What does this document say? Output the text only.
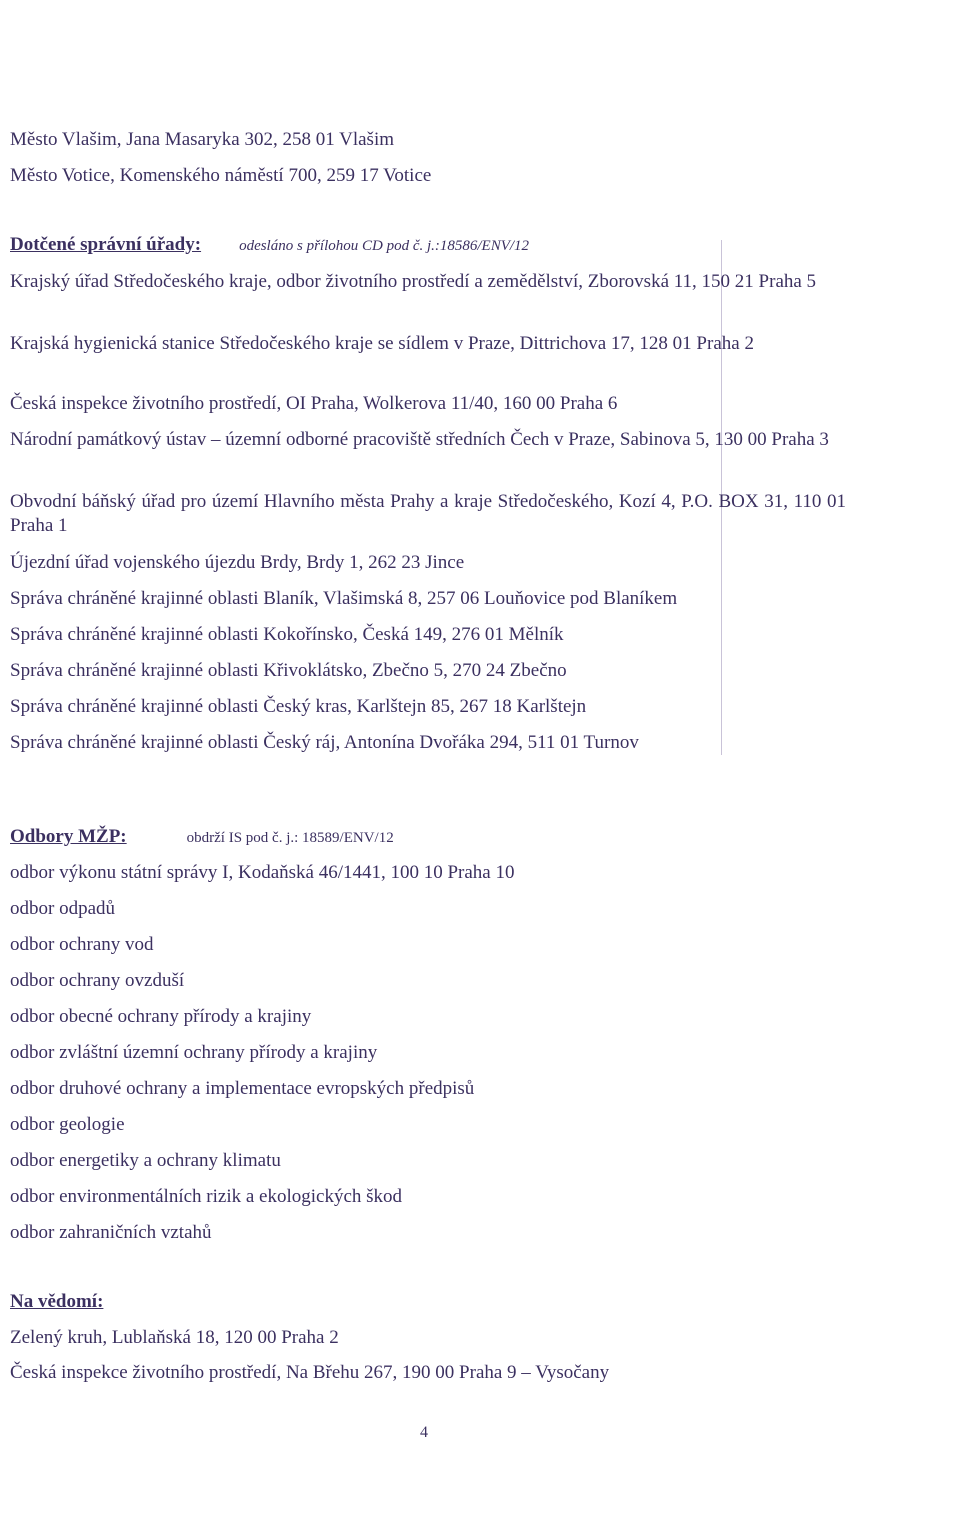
Město Vlašim, Jana Masaryka 302, 258 01 Vlašim
Město Votice, Komenského náměstí 700, 259 17 Votice
Dotčené správní úřady:	odesláno s přílohou CD pod č. j.:18586/ENV/12
Krajský úřad Středočeského kraje, odbor životního prostředí a zemědělství, Zborovská 11, 150 21 Praha 5
Krajská hygienická stanice Středočeského kraje se sídlem v Praze, Dittrichova 17, 128 01 Praha 2
Česká inspekce životního prostředí, OI Praha, Wolkerova 11/40, 160 00 Praha 6
Národní památkový ústav – územní odborné pracoviště středních Čech v Praze, Sabinova 5, 130 00 Praha 3
Obvodní báňský úřad pro území Hlavního města Prahy a kraje Středočeského, Kozí 4, P.O. BOX 31, 110 01 Praha 1
Újezdní úřad vojenského újezdu Brdy, Brdy 1, 262 23 Jince
Správa chráněné krajinné oblasti Blaník, Vlašimská 8, 257 06 Louňovice pod Blaníkem
Správa chráněné krajinné oblasti Kokořínsko, Česká 149, 276 01 Mělník
Správa chráněné krajinné oblasti Křivoklátsko, Zbečno 5, 270 24 Zbečno
Správa chráněné krajinné oblasti Český kras, Karlštejn 85, 267 18 Karlštejn
Správa chráněné krajinné oblasti Český ráj, Antonína Dvořáka 294, 511 01 Turnov
Odbory MŽP:	obdrží IS pod č. j.: 18589/ENV/12
odbor výkonu státní správy I, Kodaňská 46/1441, 100 10 Praha 10
odbor odpadů
odbor ochrany vod
odbor ochrany ovzduší
odbor obecné ochrany přírody a krajiny
odbor zvláštní územní ochrany přírody a krajiny
odbor druhové ochrany a implementace evropských předpisů
odbor geologie
odbor energetiky a ochrany klimatu
odbor environmentálních rizik a ekologických škod
odbor zahraničních vztahů
Na vědomí:
Zelený kruh, Lublaňská 18, 120 00 Praha 2
Česká inspekce životního prostředí, Na Břehu 267, 190 00 Praha 9 – Vysočany
4
